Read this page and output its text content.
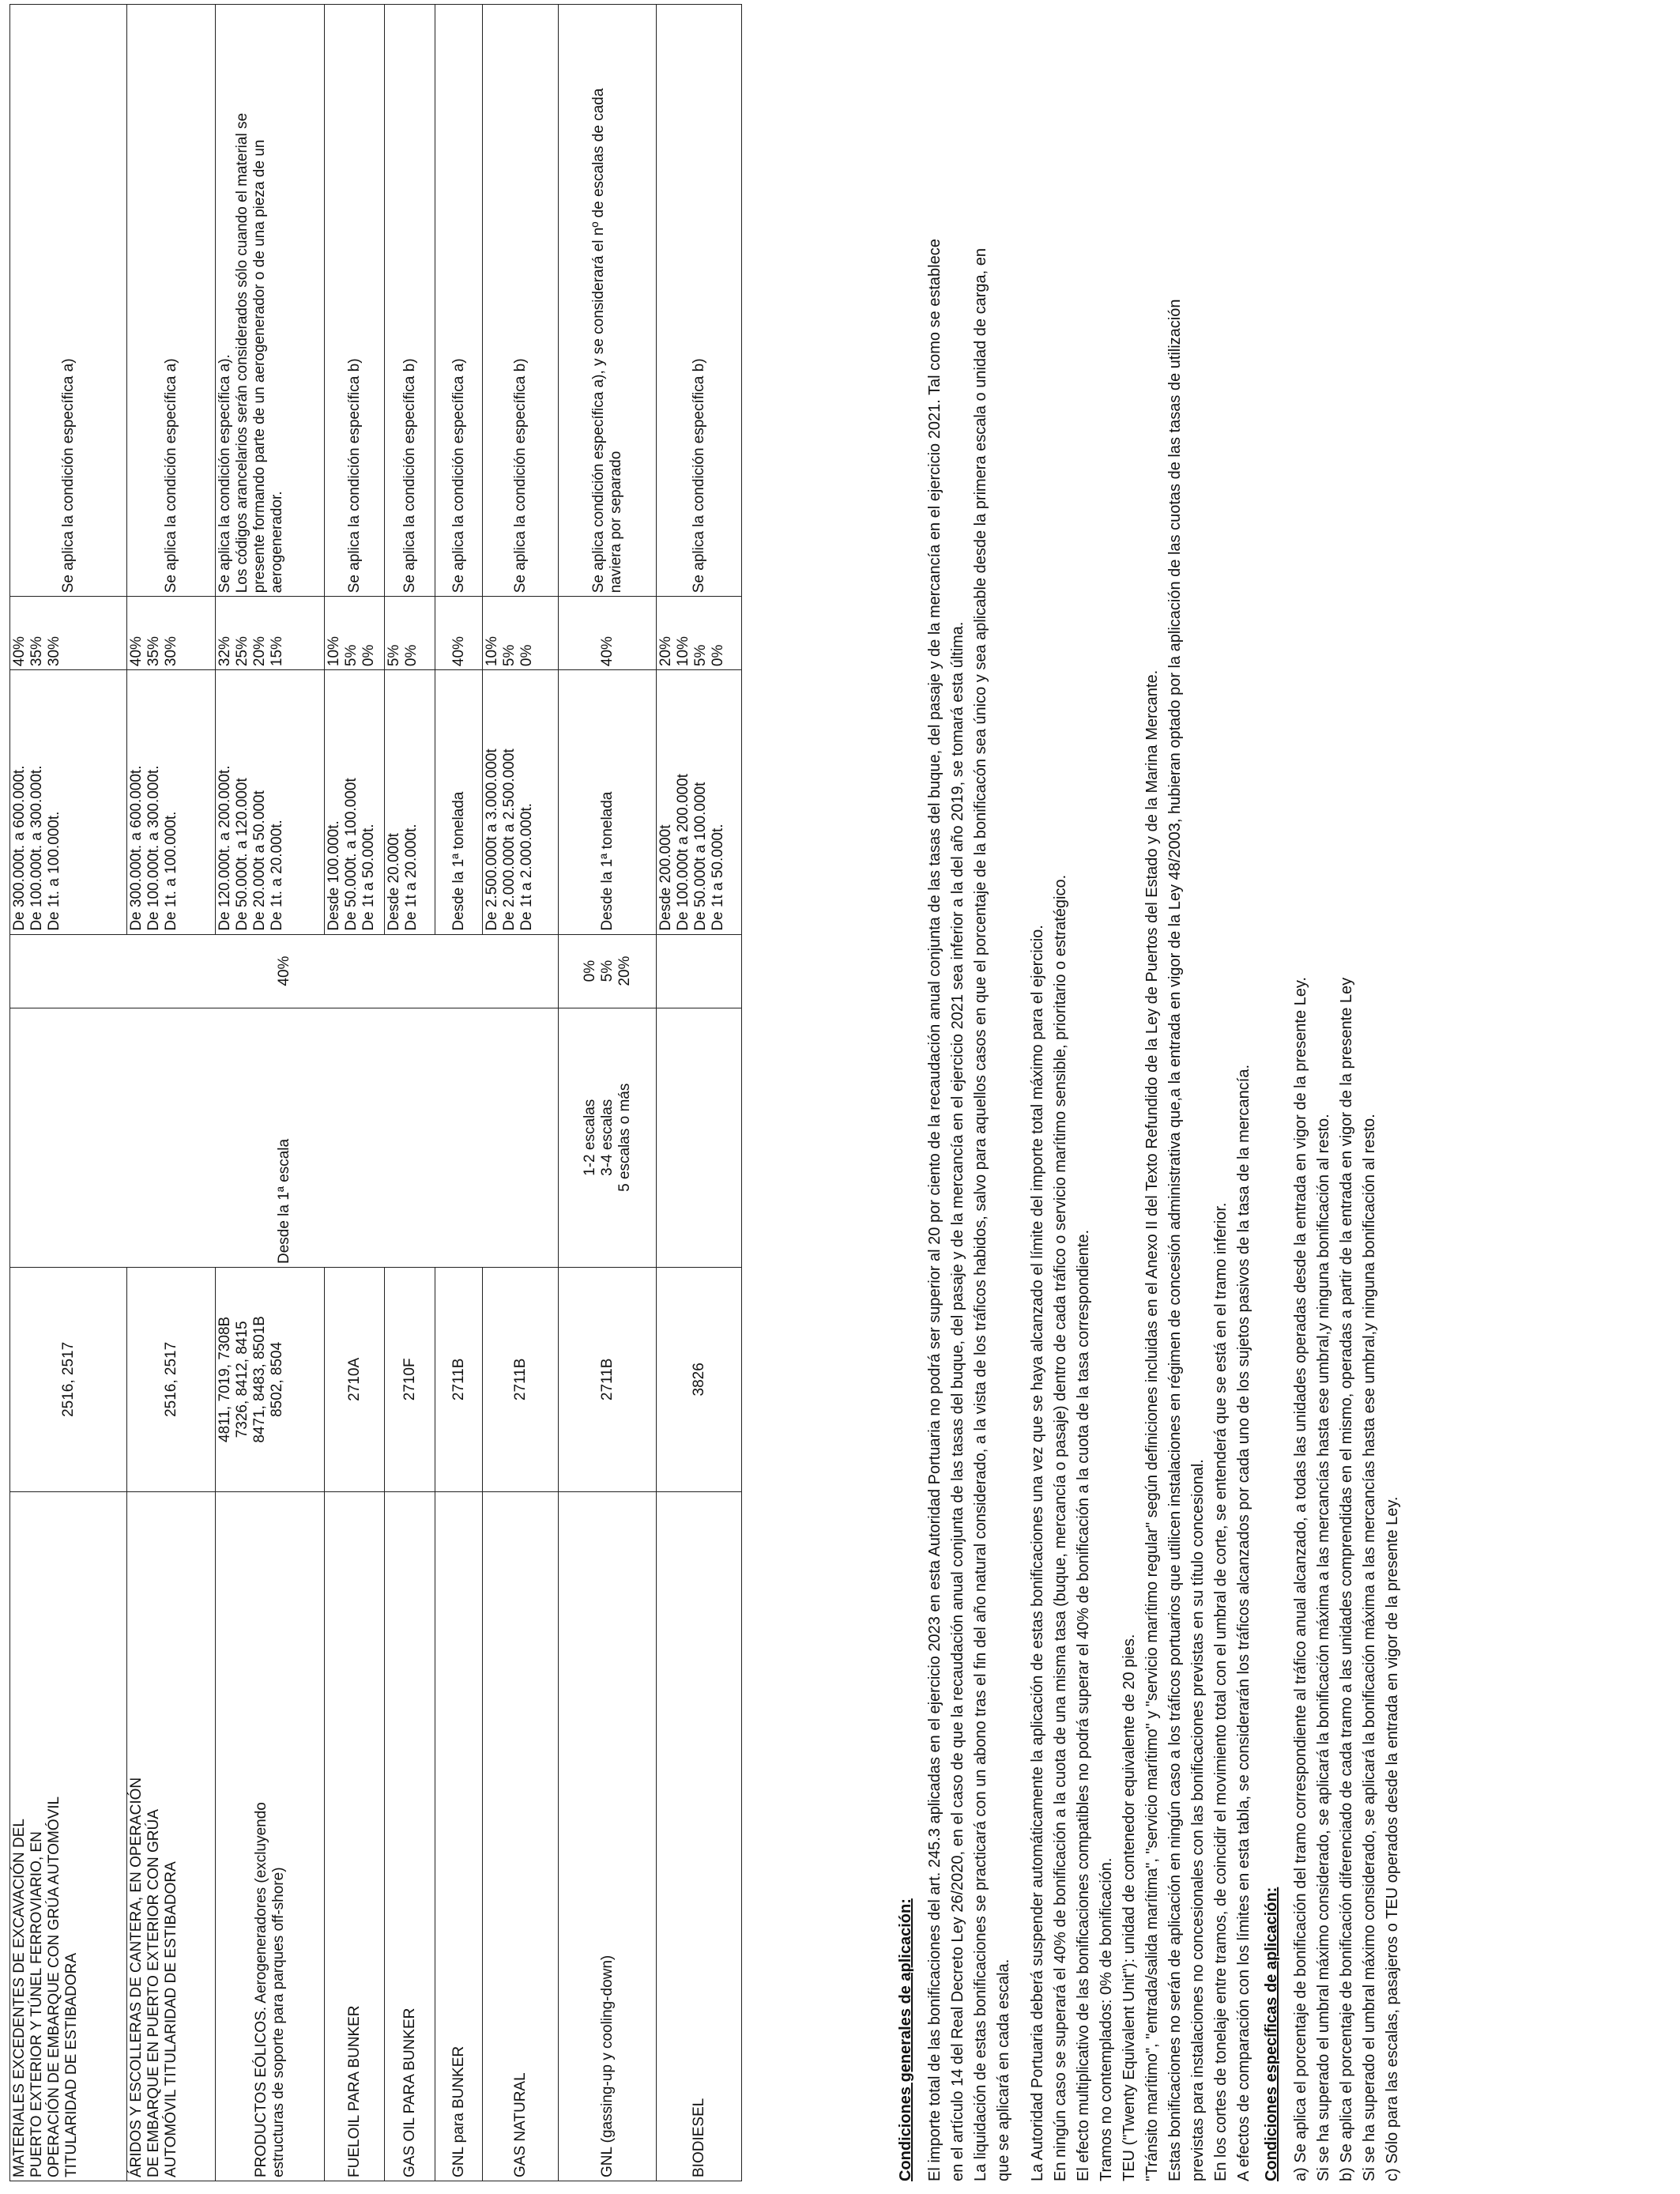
MATERIALES EXCEDENTES DE EXCAVACIÓN DEL PUERTO EXTERIOR Y TÚNEL FERROVIARIO, EN OPERACIÓN DE EMBARQUE CON GRÚA AUTOMÓVIL TITULARIDAD DE ESTIBADORA	2516, 2517	Desde la 1ª escala	40%	De 300.000t. a 600.000t. De 100.000t. a 300.000t. De 1t. a 100.000t.	40% 35% 30%	Se aplica la condición específica a)

ÁRIDOS Y ESCOLLERAS DE CANTERA, EN OPERACIÓN DE EMBARQUE EN PUERTO EXTERIOR CON GRÚA AUTOMÓVIL TITULARIDAD DE ESTIBADORA	2516, 2517			De 300.000t. a 600.000t. De 100.000t. a 300.000t. De 1t. a 100.000t.	40% 35% 30%	Se aplica la condición específica a)

PRODUCTOS EÓLICOS. Aerogeneradores (excluyendo estructuras de soporte para parques off-shore)	4811, 7019, 7308B 7326, 8412, 8415 8471, 8483, 8501B 8502, 8504			De 120.000t. a 200.000t. De 50.000t. a 120.000t De 20.000t a 50.000t De 1t. a 20.000t.	32% 25% 20% 15%	Se aplica la condición específica a). Los códigos arancelarios serán considerados sólo cuando el material se presente formando parte de un aerogenerador o de una pieza de un aerogenerador.

FUELOIL PARA BUNKER	2710A			Desde 100.000t. De 50.000t. a 100.000t De 1t a 50.000t.	10% 5% 0%	Se aplica la condición específica b)

GAS OIL PARA BUNKER	2710F			Desde 20.000t De 1t a 20.000t.	5% 0%	Se aplica la condición específica b)

GNL para BUNKER	2711B			Desde la 1ª tonelada	40%	Se aplica la condición específica a)

GAS NATURAL	2711B			De 2.500.000t a 3.000.000t De 2.000.000t a 2.500.000t De 1t a 2.000.000t.	10% 5% 0%	Se aplica la condición específica b)

GNL (gassing-up y cooling-down)	2711B	1-2 escalas 3-4 escalas 5 escalas o más	0% 5% 20%	Desde la 1ª tonelada	40%	Se aplica condición específica a), y se considerará el nº de escalas de cada naviera por separado

BIODIESEL	3826			Desde 200.000t De 100.000t a 200.000t De 50.000t a 100.000t De 1t a 50.000t.	20% 10% 5% 0%	Se aplica la condición específica b)
Condiciones generales de aplicación: El importe total de las bonificaciones del art. 245.3 aplicadas en el ejercicio 2023 en esta Autoridad Portuaria no podrá ser superior al 20 por ciento de la recaudación anual conjunta de las tasas del buque, del pasaje y de la mercancía en el ejercicio 2021. Tal como se establece en el artículo 14 del Real Decreto Ley 26/2020, en el caso de que la recaudación anual conjunta de las tasas del buque, del pasaje y de la mercancía en el ejercicio 2021 sea inferior a la del año 2019, se tomará esta última. La liquidación de estas bonificaciones se practicará con un abono tras el fin del año natural considerado, a la vista de los tráficos habidos, salvo para aquellos casos en que el porcentaje de la bonificacón sea único y sea aplicable desde la primera escala o unidad de carga, en que se aplicará en cada escala. La Autoridad Portuaria deberá suspender automáticamente la aplicación de estas bonificaciones una vez que se haya alcanzado el límite del importe total máximo para el ejercicio. En ningún caso se superará el 40% de bonificación a la cuota de una misma tasa (buque, mercancía o pasaje) dentro de cada tráfico o servicio marítimo sensible, prioritario o estratégico. El efecto multiplicativo de las bonificaciones compatibles no podrá superar el 40% de bonificación a la cuota de la tasa correspondiente. Tramos no contemplados: 0% de bonificación. TEU ("Twenty Equivalent Unit"): unidad de contenedor equivalente de 20 pies. "Tránsito marítimo", "entrada/salida marítima", "servicio marítimo" y "servicio marítimo regular" según definiciones incluidas en el Anexo II del Texto Refundido de la Ley de Puertos del Estado y de la Marina Mercante. Estas bonificaciones no serán de aplicación en ningún caso a los tráficos portuarios que utilicen instalaciones en régimen de concesión administrativa que,a la entrada en vigor de la Ley 48/2003, hubieran optado por la aplicación de las cuotas de las tasas de utilización previstas para instalaciones no concesionales con las bonificaciones previstas en su título concesional. En los cortes de tonelaje entre tramos, de coincidir el movimiento total con el umbral de corte, se entenderá que se está en el tramo inferior. A efectos de comparación con los límites en esta tabla, se considerarán los tráficos alcanzados por cada uno de los sujetos pasivos de la tasa de la mercancía. Condiciones específicas de aplicación: a) Se aplica el porcentaje de bonificación del tramo correspondiente al tráfico anual alcanzado, a todas las unidades operadas desde la entrada en vigor de la presente Ley. Si se ha superado el umbral máximo considerado, se aplicará la bonificación máxima a las mercancías hasta ese umbral,y ninguna bonificación al resto. b) Se aplica el porcentaje de bonificación diferenciado de cada tramo a las unidades comprendidas en el mismo, operadas a partir de la entrada en vigor de la presente Ley Si se ha superado el umbral máximo considerado, se aplicará la bonificación máxima a las mercancías hasta ese umbral,y ninguna bonificación al resto. c) Sólo para las escalas, pasajeros o TEU operados desde la entrada en vigor de la presente Ley.
